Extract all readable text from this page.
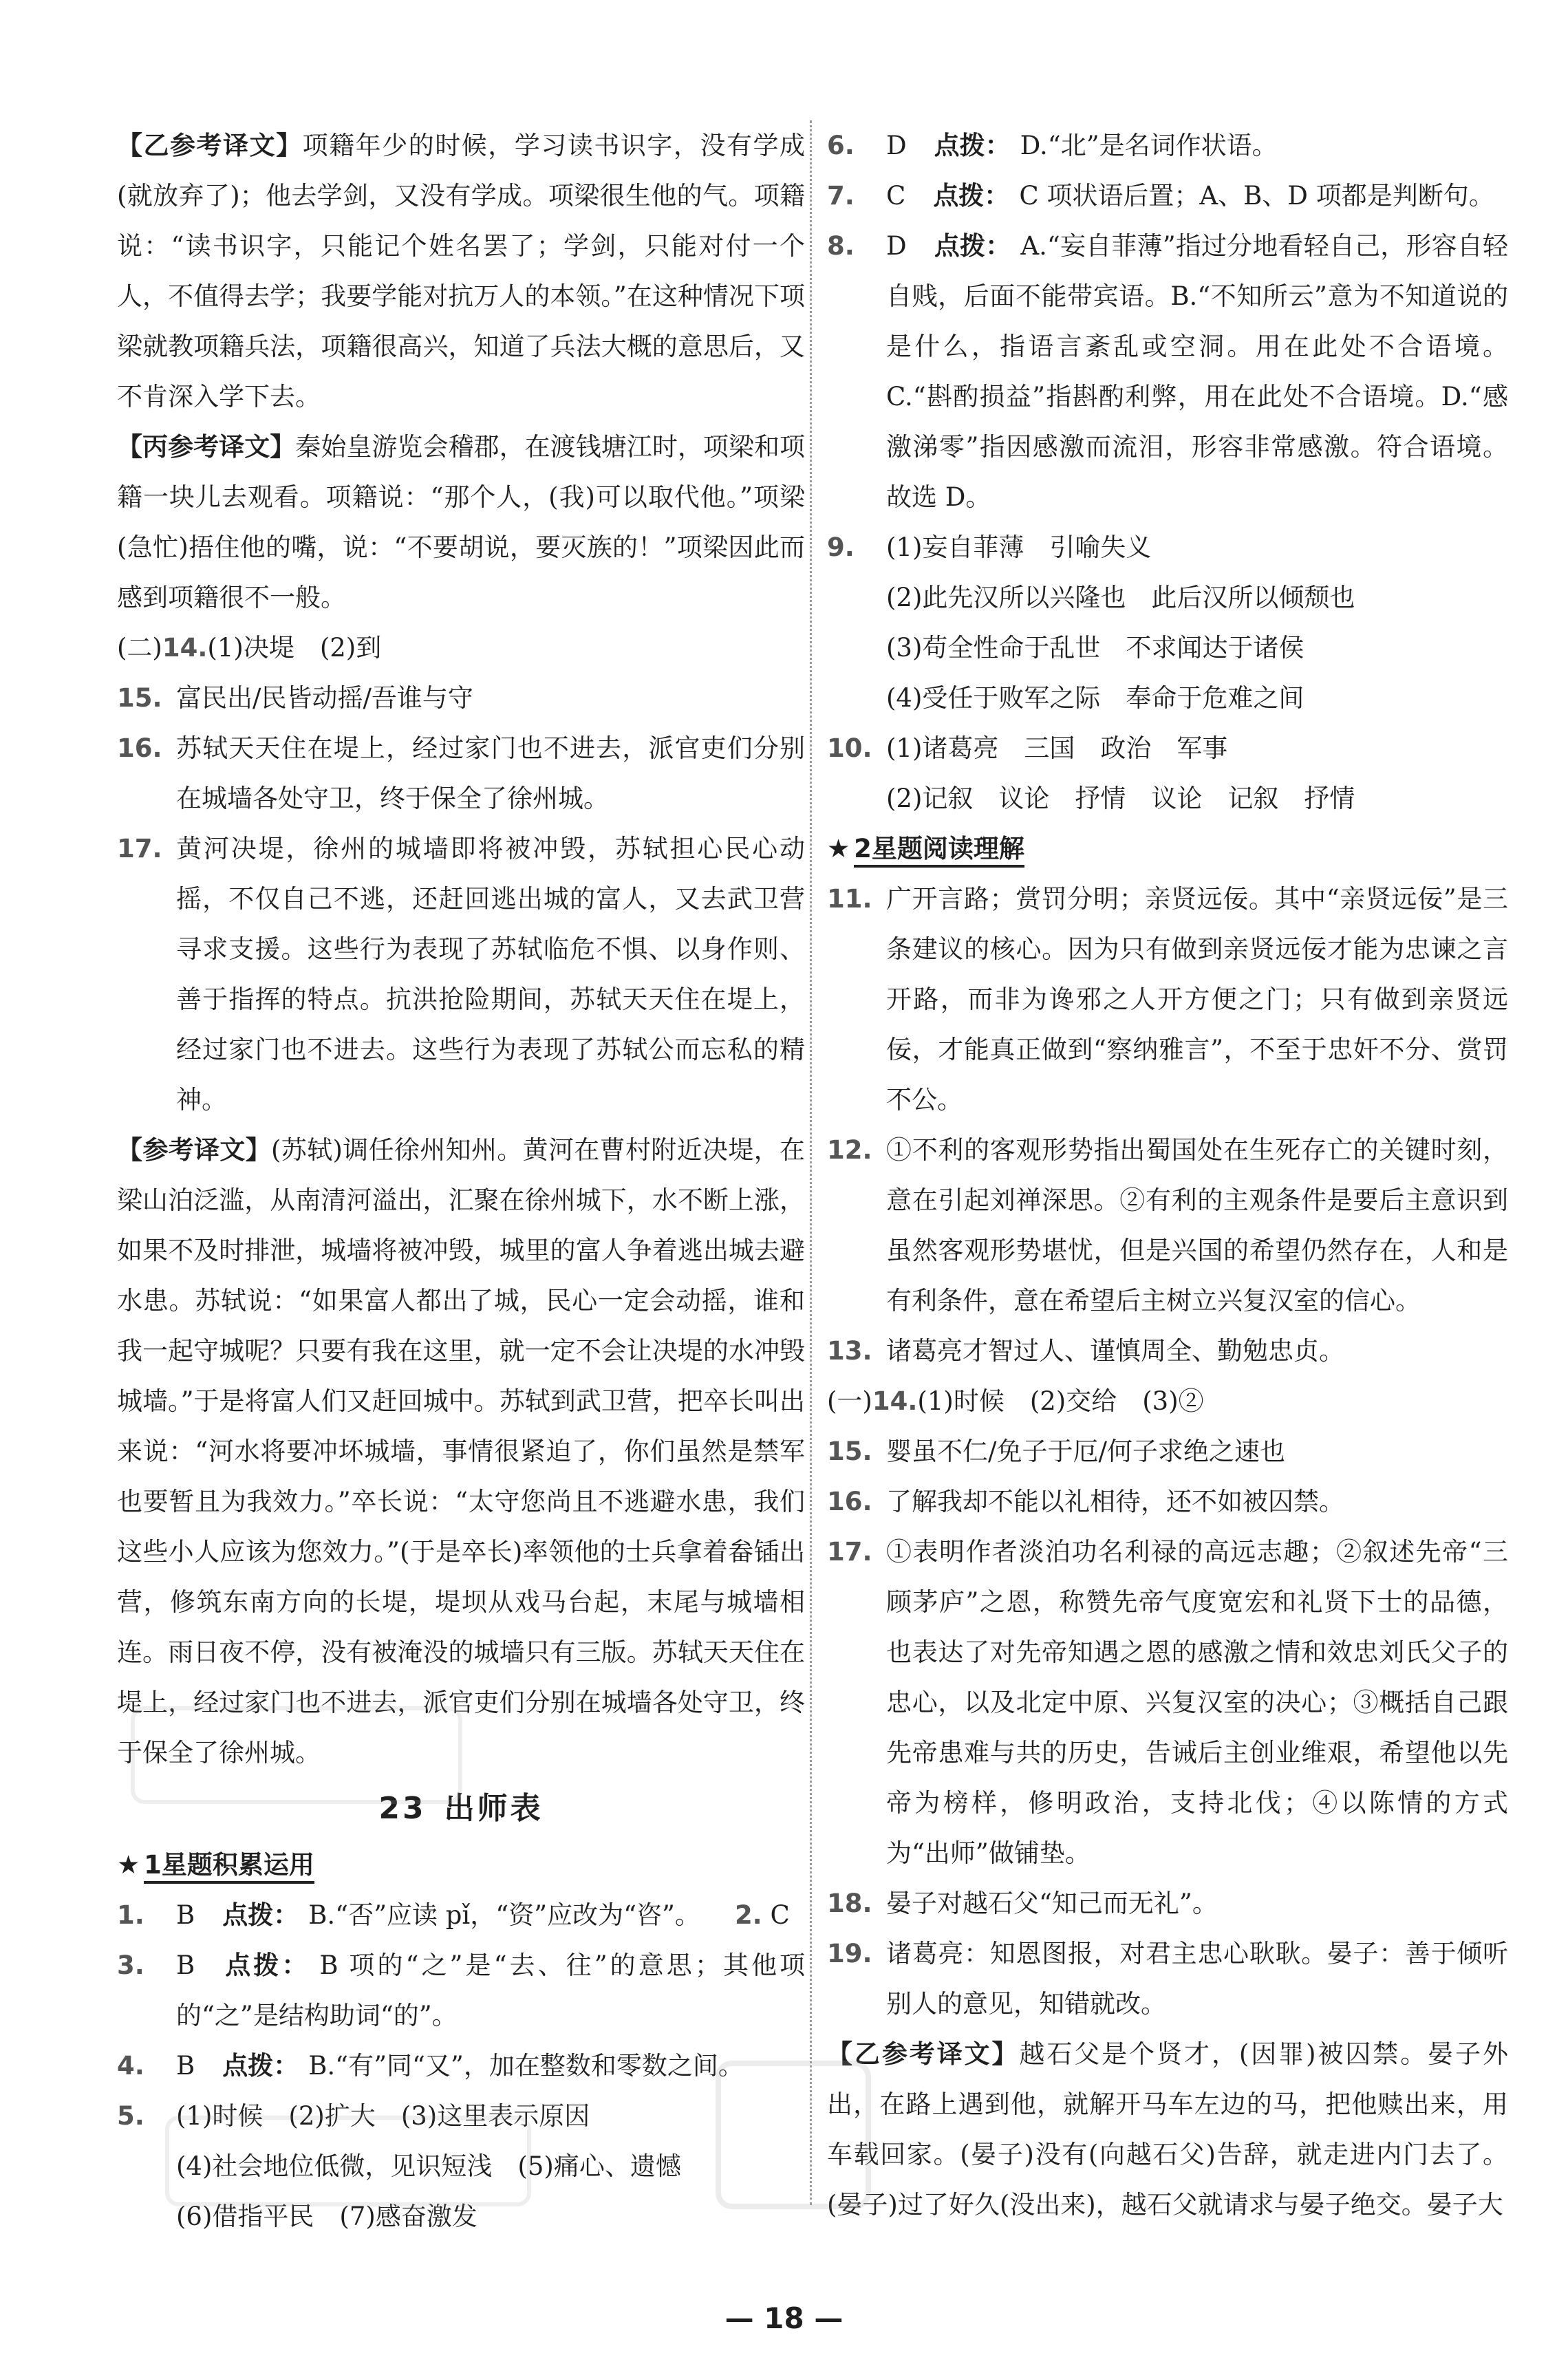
【乙参考译文】项籍年少的时候，学习读书识字，没有学成(就放弃了)；他去学剑，又没有学成。项梁很生他的气。项籍说：“读书识字，只能记个姓名罢了；学剑，只能对付一个人，不值得去学；我要学能对抗万人的本领。”在这种情况下项梁就教项籍兵法，项籍很高兴，知道了兵法大概的意思后，又不肯深入学下去。

【丙参考译文】秦始皇游览会稽郡，在渡钱塘江时，项梁和项籍一块儿去观看。项籍说：“那个人，(我)可以取代他。”项梁(急忙)捂住他的嘴，说：“不要胡说，要灭族的！”项梁因此而感到项籍很不一般。

(二)14.(1)决堤　(2)到
15. 富民出/民皆动摇/吾谁与守
16. 苏轼天天住在堤上，经过家门也不进去，派官吏们分别在城墙各处守卫，终于保全了徐州城。
17. 黄河决堤，徐州的城墙即将被冲毁，苏轼担心民心动摇，不仅自己不逃，还赶回逃出城的富人，又去武卫营寻求支援。这些行为表现了苏轼临危不惧、以身作则、善于指挥的特点。抗洪抢险期间，苏轼天天住在堤上，经过家门也不进去。这些行为表现了苏轼公而忘私的精神。

【参考译文】(苏轼)调任徐州知州。黄河在曹村附近决堤，在梁山泊泛滥，从南清河溢出，汇聚在徐州城下，水不断上涨，如果不及时排泄，城墙将被冲毁，城里的富人争着逃出城去避水患。苏轼说：“如果富人都出了城，民心一定会动摇，谁和我一起守城呢？只要有我在这里，就一定不会让决堤的水冲毁城墙。”于是将富人们又赶回城中。苏轼到武卫营，把卒长叫出来说：“河水将要冲坏城墙，事情很紧迫了，你们虽然是禁军也要暂且为我效力。”卒长说：“太守您尚且不逃避水患，我们这些小人应该为您效力。”(于是卒长)率领他的士兵拿着畚锸出营，修筑东南方向的长堤，堤坝从戏马台起，末尾与城墙相连。雨日夜不停，没有被淹没的城墙只有三版。苏轼天天住在堤上，经过家门也不进去，派官吏们分别在城墙各处守卫，终于保全了徐州城。

23 出师表
★ 1星题积累运用
1. B 点拨： B.“否”应读 pǐ，“资”应改为“咨”。 2. C
3. B 点拨： B 项的“之”是“去、往”的意思；其他项的“之”是结构助词“的”。
4. B 点拨： B.“有”同“又”，加在整数和零数之间。
5. (1)时候　(2)扩大　(3)这里表示原因
(4)社会地位低微，见识短浅　(5)痛心、遗憾
(6)借指平民　(7)感奋激发
6. D 点拨： D.“北”是名词作状语。
7. C 点拨： C 项状语后置；A、B、D 项都是判断句。
8. D 点拨： A.“妄自菲薄”指过分地看轻自己，形容自轻自贱，后面不能带宾语。B.“不知所云”意为不知道说的是什么，指语言紊乱或空洞。用在此处不合语境。C.“斟酌损益”指斟酌利弊，用在此处不合语境。D.“感激涕零”指因感激而流泪，形容非常感激。符合语境。故选 D。
9. (1)妄自菲薄　引喻失义
(2)此先汉所以兴隆也　此后汉所以倾颓也
(3)苟全性命于乱世　不求闻达于诸侯
(4)受任于败军之际　奉命于危难之间
10. (1)诸葛亮　三国　政治　军事
(2)记叙　议论　抒情　议论　记叙　抒情
★ 2星题阅读理解
11. 广开言路；赏罚分明；亲贤远佞。其中“亲贤远佞”是三条建议的核心。因为只有做到亲贤远佞才能为忠谏之言开路，而非为谗邪之人开方便之门；只有做到亲贤远佞，才能真正做到“察纳雅言”，不至于忠奸不分、赏罚不公。
12. ①不利的客观形势指出蜀国处在生死存亡的关键时刻，意在引起刘禅深思。②有利的主观条件是要后主意识到虽然客观形势堪忧，但是兴国的希望仍然存在，人和是有利条件，意在希望后主树立兴复汉室的信心。
13. 诸葛亮才智过人、谨慎周全、勤勉忠贞。
(一)14.(1)时候　(2)交给　(3)②
15. 婴虽不仁/免子于厄/何子求绝之速也
16. 了解我却不能以礼相待，还不如被囚禁。
17. ①表明作者淡泊功名利禄的高远志趣；②叙述先帝“三顾茅庐”之恩，称赞先帝气度宽宏和礼贤下士的品德，也表达了对先帝知遇之恩的感激之情和效忠刘氏父子的忠心，以及北定中原、兴复汉室的决心；③概括自己跟先帝患难与共的历史，告诫后主创业维艰，希望他以先帝为榜样，修明政治，支持北伐；④以陈情的方式为“出师”做铺垫。
18. 晏子对越石父“知己而无礼”。
19. 诸葛亮：知恩图报，对君主忠心耿耿。晏子：善于倾听别人的意见，知错就改。

【乙参考译文】越石父是个贤才，(因罪)被囚禁。晏子外出，在路上遇到他，就解开马车左边的马，把他赎出来，用车载回家。(晏子)没有(向越石父)告辞，就走进内门去了。(晏子)过了好久(没出来)，越石父就请求与晏子绝交。晏子大

— 18 —
